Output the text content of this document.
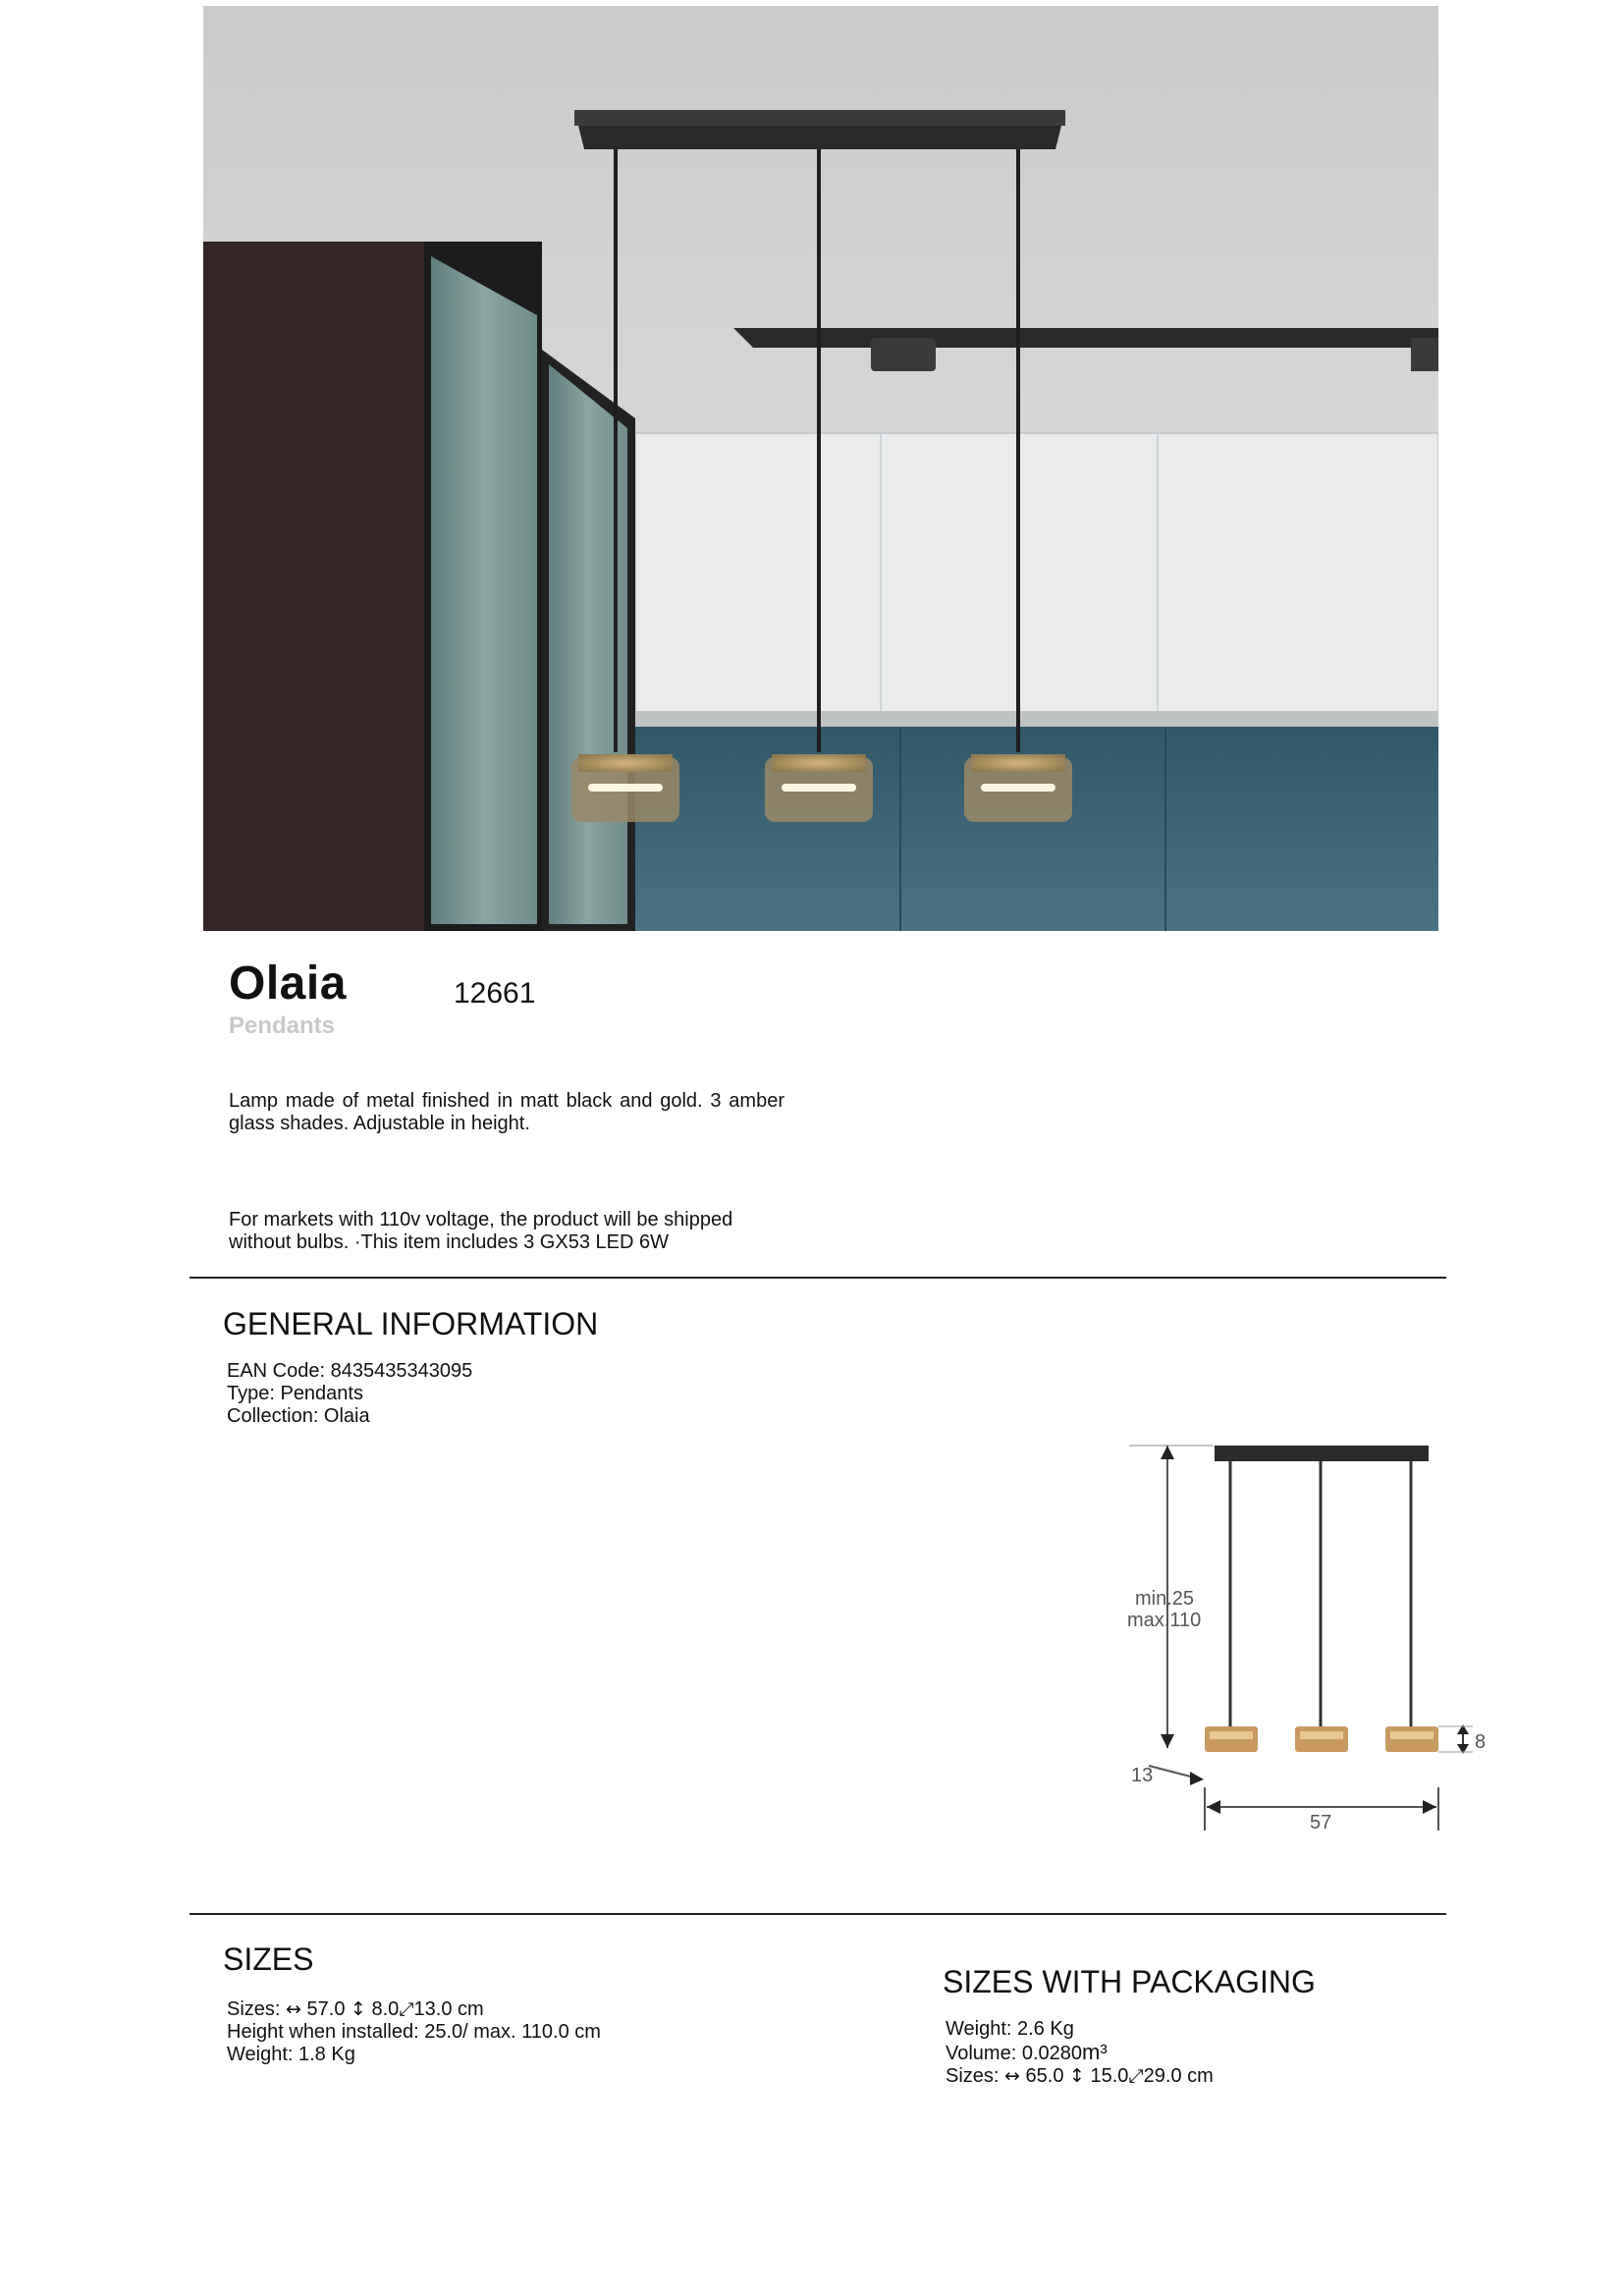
Olaia	12661
Pendants
Lamp made of metal finished in matt black and gold. 3 amber glass shades. Adjustable in height.
For markets with 110v voltage, the product will be shipped without bulbs. ·This item includes 3 GX53 LED 6W
GENERAL INFORMATION
EAN Code: 8435435343095
Type: Pendants
Collection: Olaia
min.25
max.110
8
13
57
SIZES
Sizes: ↔ 57.0 ↕ 8.0⤢13.0 cm
Height when installed: 25.0/ max. 110.0 cm
Weight: 1.8 Kg
SIZES WITH PACKAGING
Weight: 2.6 Kg
Volume: 0.0280m³
Sizes: ↔ 65.0 ↕ 15.0⤢29.0 cm
